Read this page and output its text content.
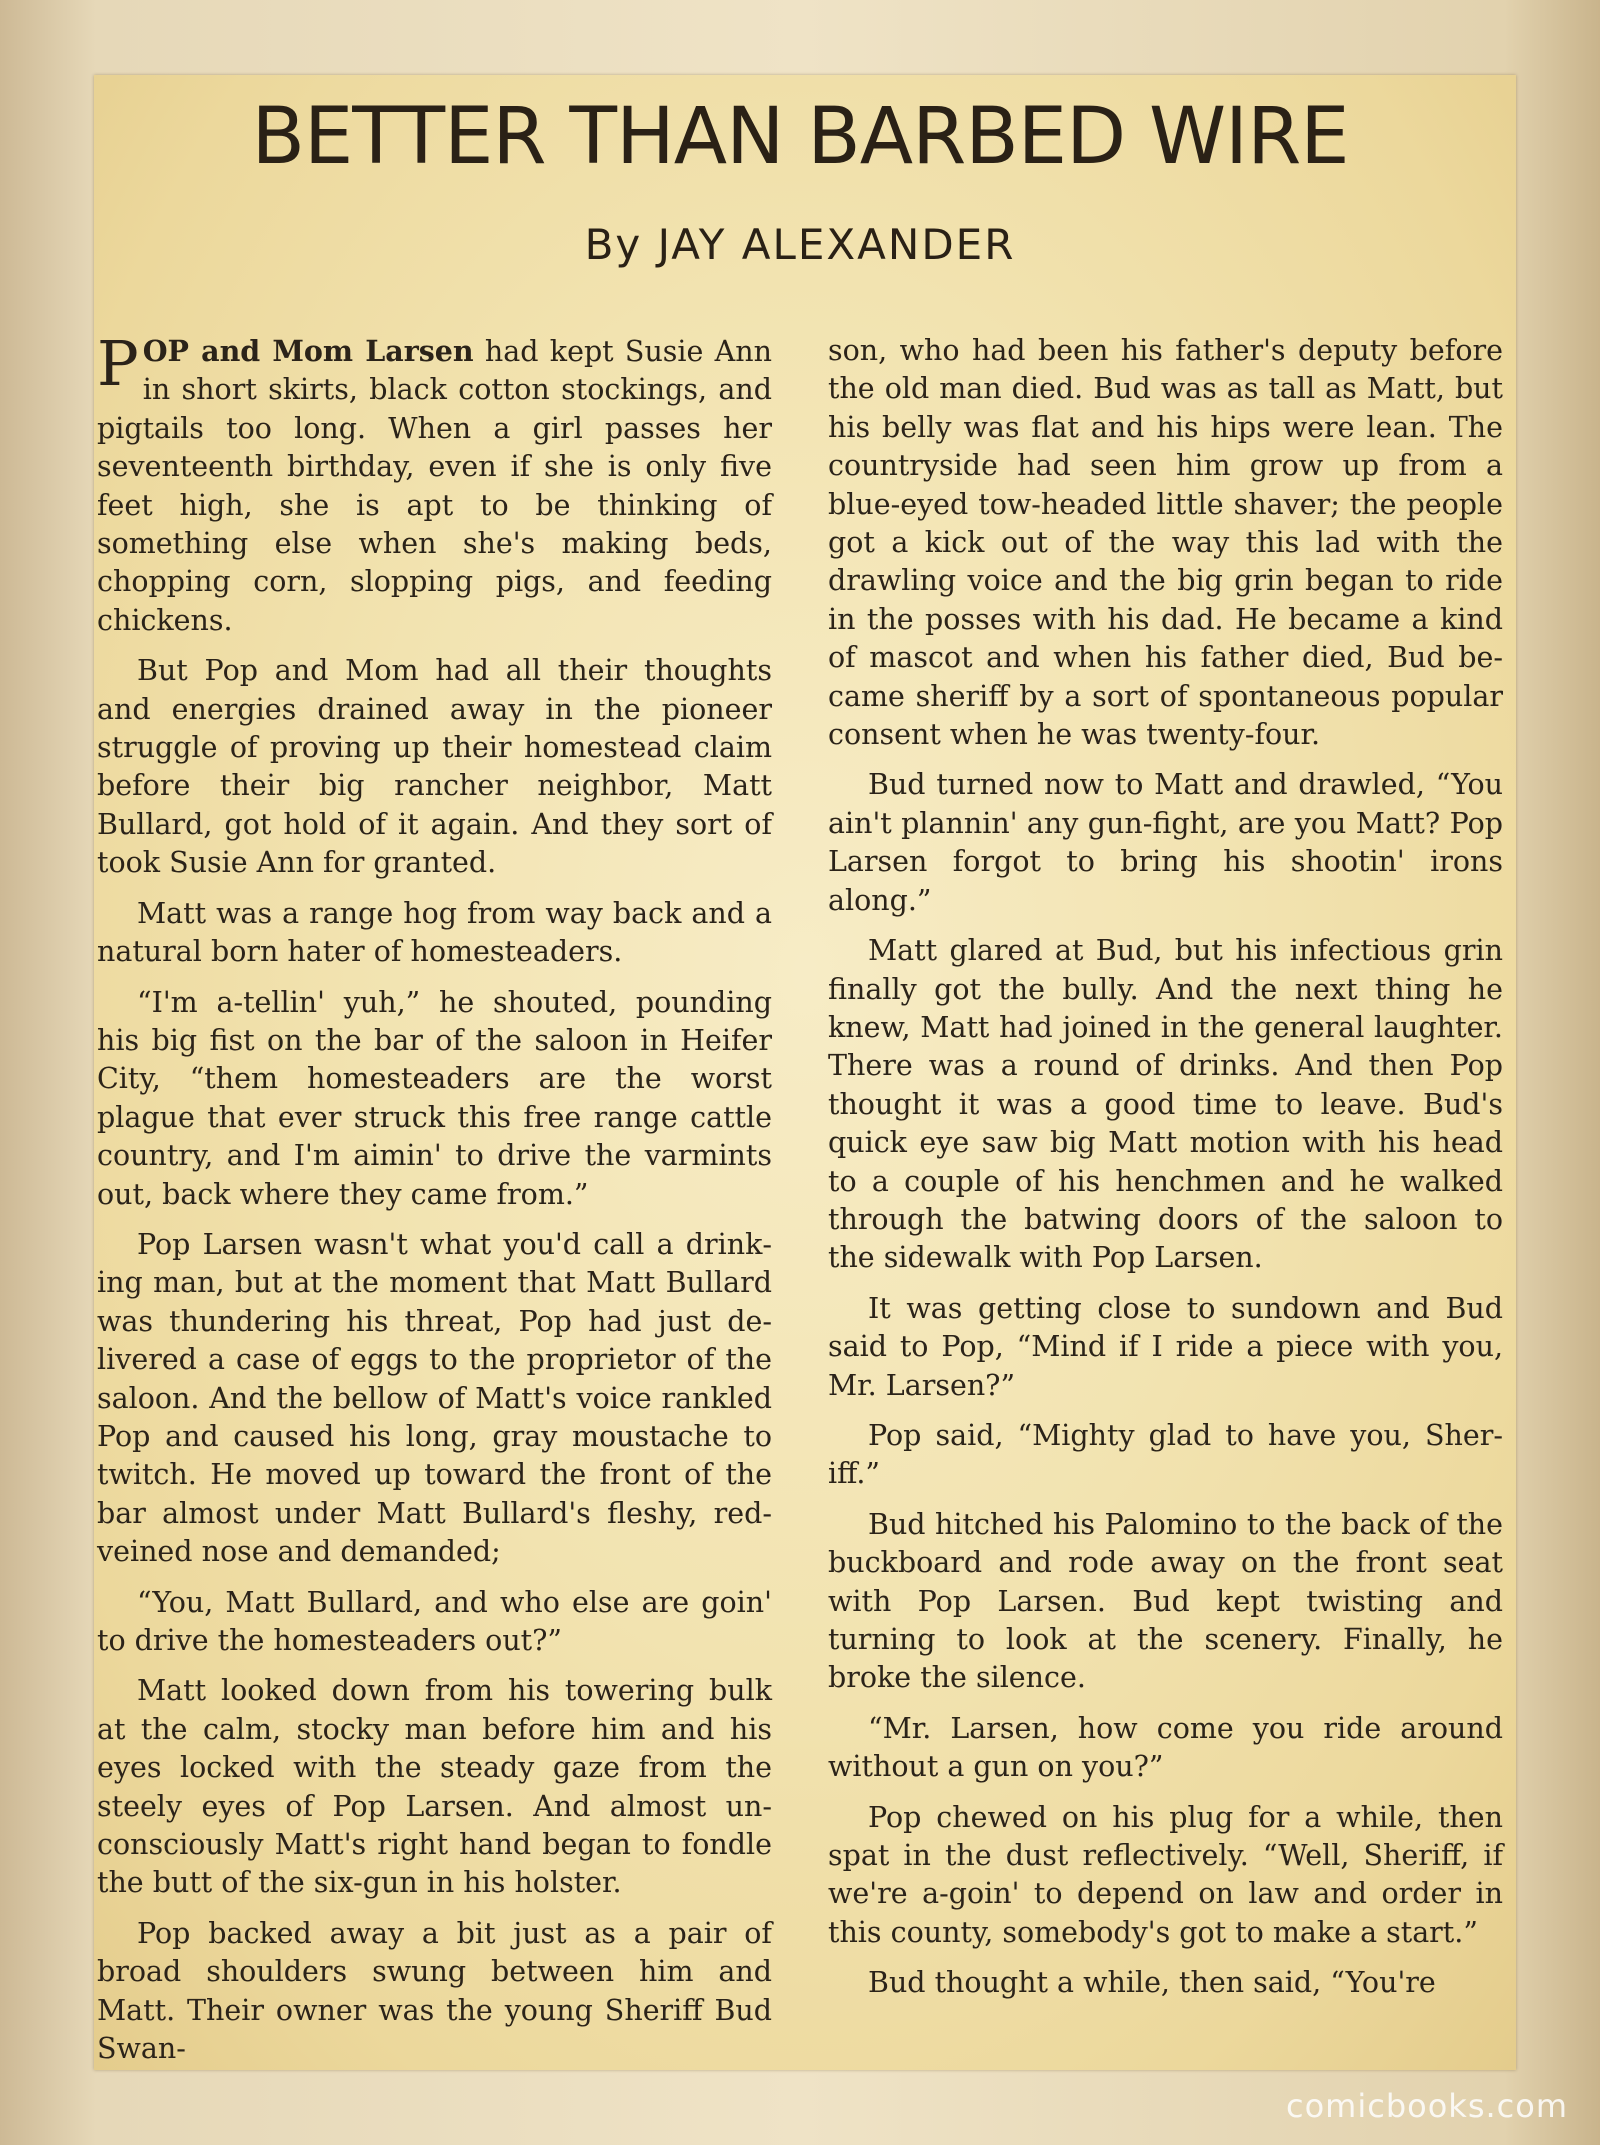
BETTER THAN BARBED WIRE
By JAY ALEXANDER

POP and Mom Larsen had kept Susie Ann in short skirts, black cotton stockings, and pigtails too long. When a girl passes her seventeenth birthday, even if she is only five feet high, she is apt to be thinking of something else when she's making beds, chopping corn, slopping pigs, and feeding chickens.

But Pop and Mom had all their thoughts and energies drained away in the pioneer struggle of proving up their homestead claim before their big rancher neighbor, Matt Bullard, got hold of it again. And they sort of took Susie Ann for granted.

Matt was a range hog from way back and a natural born hater of homesteaders.

“I'm a-tellin' yuh,” he shouted, pounding his big fist on the bar of the saloon in Heifer City, “them homesteaders are the worst plague that ever struck this free range cattle country, and I'm aimin' to drive the varmints out, back where they came from.”

Pop Larsen wasn't what you'd call a drinking man, but at the moment that Matt Bullard was thundering his threat, Pop had just delivered a case of eggs to the proprietor of the saloon. And the bellow of Matt's voice rankled Pop and caused his long, gray moustache to twitch. He moved up toward the front of the bar almost under Matt Bullard's fleshy, red-veined nose and demanded;

“You, Matt Bullard, and who else are goin' to drive the homesteaders out?”

Matt looked down from his towering bulk at the calm, stocky man before him and his eyes locked with the steady gaze from the steely eyes of Pop Larsen. And almost unconsciously Matt's right hand began to fondle the butt of the six-gun in his holster.

Pop backed away a bit just as a pair of broad shoulders swung between him and Matt. Their owner was the young Sheriff Bud Swan-

son, who had been his father's deputy before the old man died. Bud was as tall as Matt, but his belly was flat and his hips were lean. The countryside had seen him grow up from a blue-eyed tow-headed little shaver; the people got a kick out of the way this lad with the drawling voice and the big grin began to ride in the posses with his dad. He became a kind of mascot and when his father died, Bud became sheriff by a sort of spontaneous popular consent when he was twenty-four.

Bud turned now to Matt and drawled, “You ain't plannin' any gun-fight, are you Matt? Pop Larsen forgot to bring his shootin' irons along.”

Matt glared at Bud, but his infectious grin finally got the bully. And the next thing he knew, Matt had joined in the general laughter. There was a round of drinks. And then Pop thought it was a good time to leave. Bud's quick eye saw big Matt motion with his head to a couple of his henchmen and he walked through the batwing doors of the saloon to the sidewalk with Pop Larsen.

It was getting close to sundown and Bud said to Pop, “Mind if I ride a piece with you, Mr. Larsen?”

Pop said, “Mighty glad to have you, Sheriff.”

Bud hitched his Palomino to the back of the buckboard and rode away on the front seat with Pop Larsen. Bud kept twisting and turning to look at the scenery. Finally, he broke the silence.

“Mr. Larsen, how come you ride around without a gun on you?”

Pop chewed on his plug for a while, then spat in the dust reflectively. “Well, Sheriff, if we're a-goin' to depend on law and order in this county, somebody's got to make a start.”

Bud thought a while, then said, “You're

comicbooks.com
